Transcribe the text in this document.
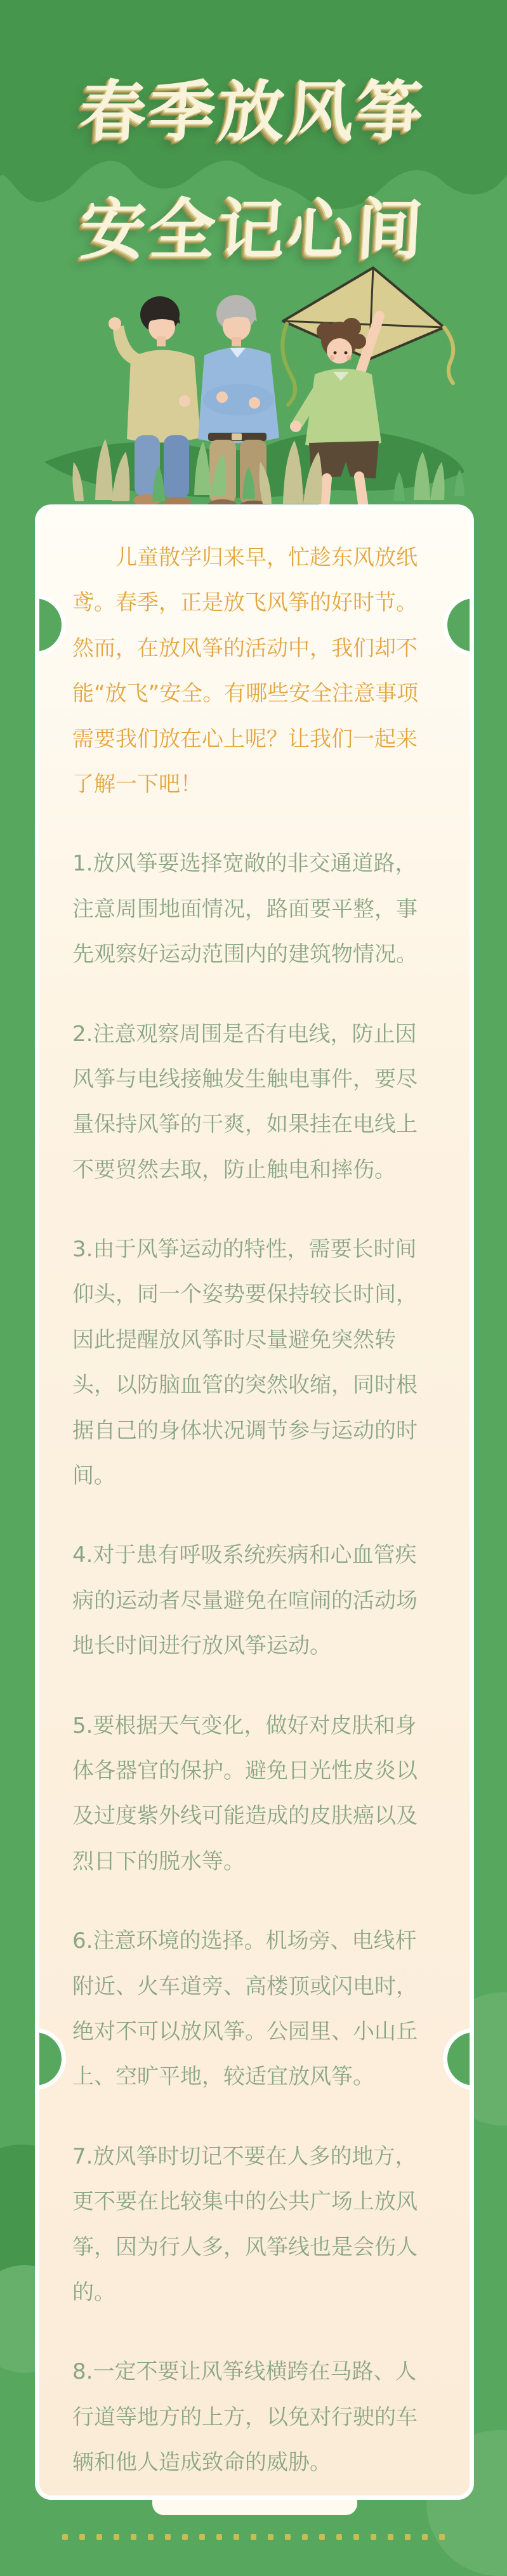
春季放风筝
安全记心间

儿童散学归来早，忙趁东风放纸鸢。春季，正是放飞风筝的好时节。然而，在放风筝的活动中，我们却不能“放飞”安全。有哪些安全注意事项需要我们放在心上呢？让我们一起来了解一下吧！

1.放风筝要选择宽敞的非交通道路，注意周围地面情况，路面要平整，事先观察好运动范围内的建筑物情况。

2.注意观察周围是否有电线，防止因风筝与电线接触发生触电事件，要尽量保持风筝的干爽，如果挂在电线上不要贸然去取，防止触电和摔伤。

3.由于风筝运动的特性，需要长时间仰头，同一个姿势要保持较长时间，因此提醒放风筝时尽量避免突然转头，以防脑血管的突然收缩，同时根据自己的身体状况调节参与运动的时间。

4.对于患有呼吸系统疾病和心血管疾病的运动者尽量避免在喧闹的活动场地长时间进行放风筝运动。

5.要根据天气变化，做好对皮肤和身体各器官的保护。避免日光性皮炎以及过度紫外线可能造成的皮肤癌以及烈日下的脱水等。

6.注意环境的选择。机场旁、电线杆附近、火车道旁、高楼顶或闪电时，绝对不可以放风筝。公园里、小山丘上、空旷平地，较适宜放风筝。

7.放风筝时切记不要在人多的地方，更不要在比较集中的公共广场上放风筝，因为行人多，风筝线也是会伤人的。

8.一定不要让风筝线横跨在马路、人行道等地方的上方，以免对行驶的车辆和他人造成致命的威胁。
